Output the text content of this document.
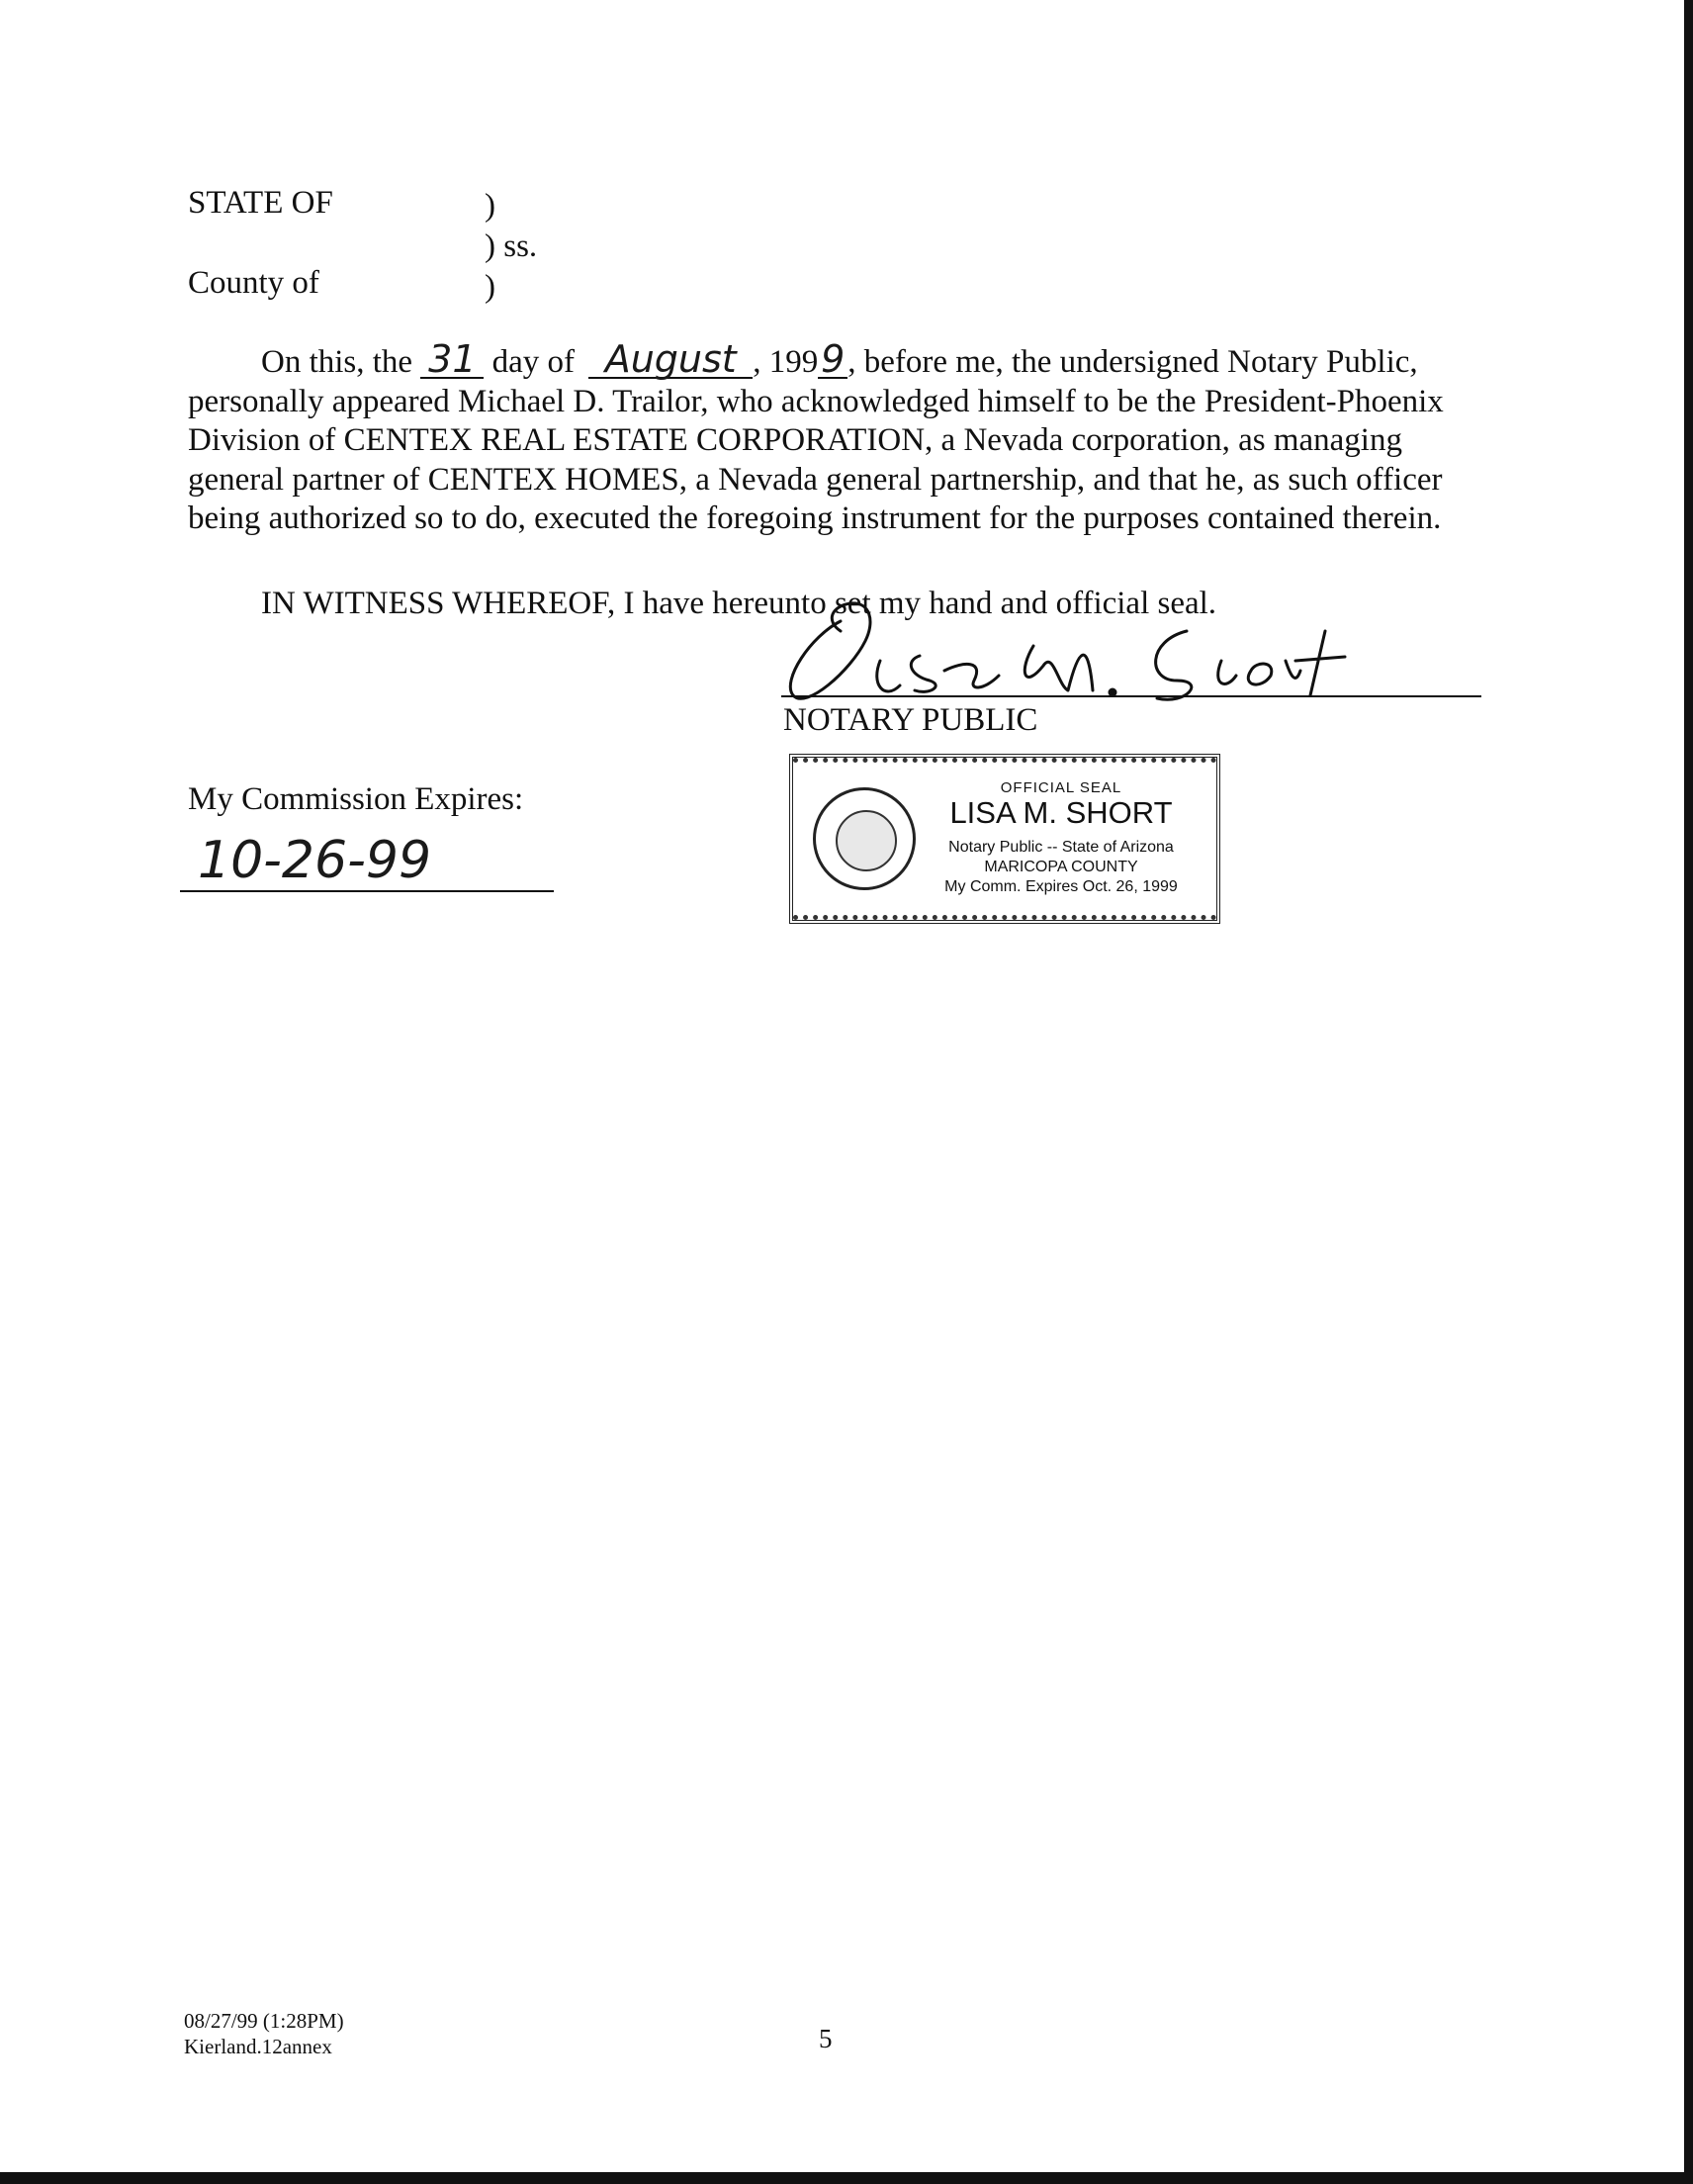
STATE OF
County of
)
) ss.
)
On this, the 31 day of August , 1999, before me, the undersigned Notary Public,
personally appeared Michael D. Trailor, who acknowledged himself to be the President-Phoenix
Division of CENTEX REAL ESTATE CORPORATION, a Nevada corporation, as managing
general partner of CENTEX HOMES, a Nevada general partnership, and that he, as such officer
being authorized so to do, executed the foregoing instrument for the purposes contained therein.
IN WITNESS WHEREOF, I have hereunto set my hand and official seal.
NOTARY PUBLIC
My Commission Expires:
10-26-99
OFFICIAL SEAL
LISA M. SHORT
Notary Public -- State of Arizona
MARICOPA COUNTY
My Comm. Expires Oct. 26, 1999
08/27/99 (1:28PM)
Kierland.12annex	5
